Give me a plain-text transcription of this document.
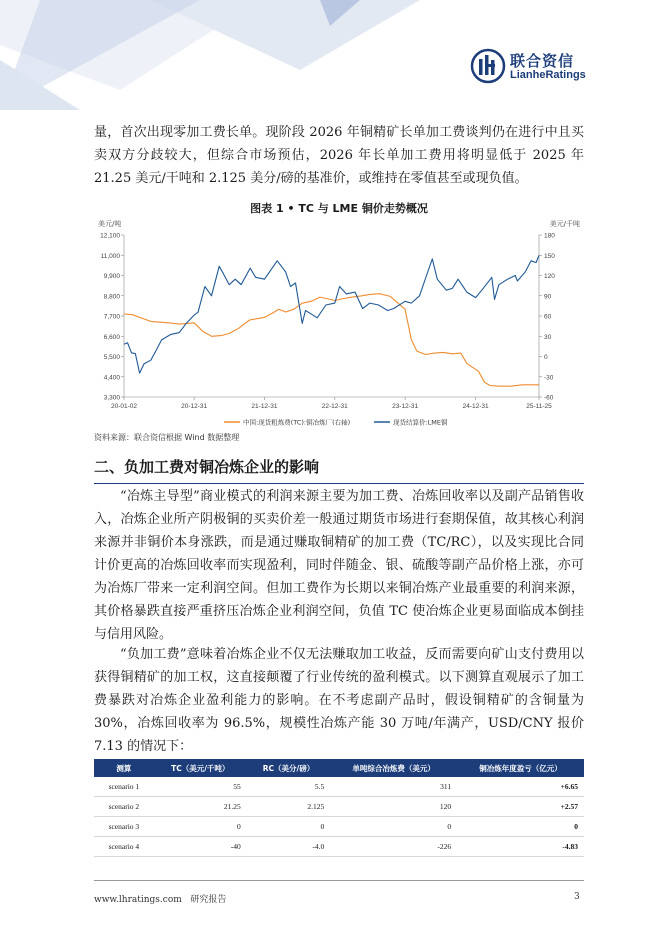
联合资信
LianheRatings

量，首次出现零加工费长单。现阶段 2026 年铜精矿长单加工费谈判仍在进行中且买卖双方分歧较大，但综合市场预估，2026 年长单加工费用将明显低于 2025 年 21.25 美元/干吨和 2.125 美分/磅的基准价，或维持在零值甚至或现负值。

图表 1 • TC 与 LME 铜价走势概况
美元/吨	美元/千吨
12,100
11,000
9,900
8,800
7,700
6,600
5,500
4,400
3,300
180
150
120
90
60
30
0
-30
-60
20-01-02	20-12-31	21-12-31	22-12-31	23-12-31	24-12-31	25-11-25
中国:现货粗炼费(TC):铜冶炼厂(右轴)	现货结算价:LME铜
资料来源：联合资信根据 Wind 数据整理
二、负加工费对铜冶炼企业的影响

“冶炼主导型”商业模式的利润来源主要为加工费、冶炼回收率以及副产品销售收入，冶炼企业所产阴极铜的买卖价差一般通过期货市场进行套期保值，故其核心利润来源并非铜价本身涨跌，而是通过赚取铜精矿的加工费（TC/RC），以及实现比合同计价更高的冶炼回收率而实现盈利，同时伴随金、银、硫酸等副产品价格上涨，亦可为冶炼厂带来一定利润空间。但加工费作为长期以来铜冶炼产业最重要的利润来源，其价格暴跌直接严重挤压冶炼企业利润空间，负值 TC 使冶炼企业更易面临成本倒挂与信用风险。

“负加工费”意味着冶炼企业不仅无法赚取加工收益，反而需要向矿山支付费用以获得铜精矿的加工权，这直接颠覆了行业传统的盈利模式。以下测算直观展示了加工费暴跌对冶炼企业盈利能力的影响。在不考虑副产品时，假设铜精矿的含铜量为 30%，冶炼回收率为 96.5%，规模性冶炼产能 30 万吨/年满产，USD/CNY 报价 7.13 的情况下：

测算	TC（美元/千吨）	RC（美分/磅）	单吨综合冶炼费（美元）	铜冶炼年度盈亏（亿元）
scenario 1	55	5.5	311	+6.65
scenario 2	21.25	2.125	120	+2.57
scenario 3	0	0	0	0
scenario 4	-40	-4.0	-226	-4.83
www.lhratings.com 研究报告	3
